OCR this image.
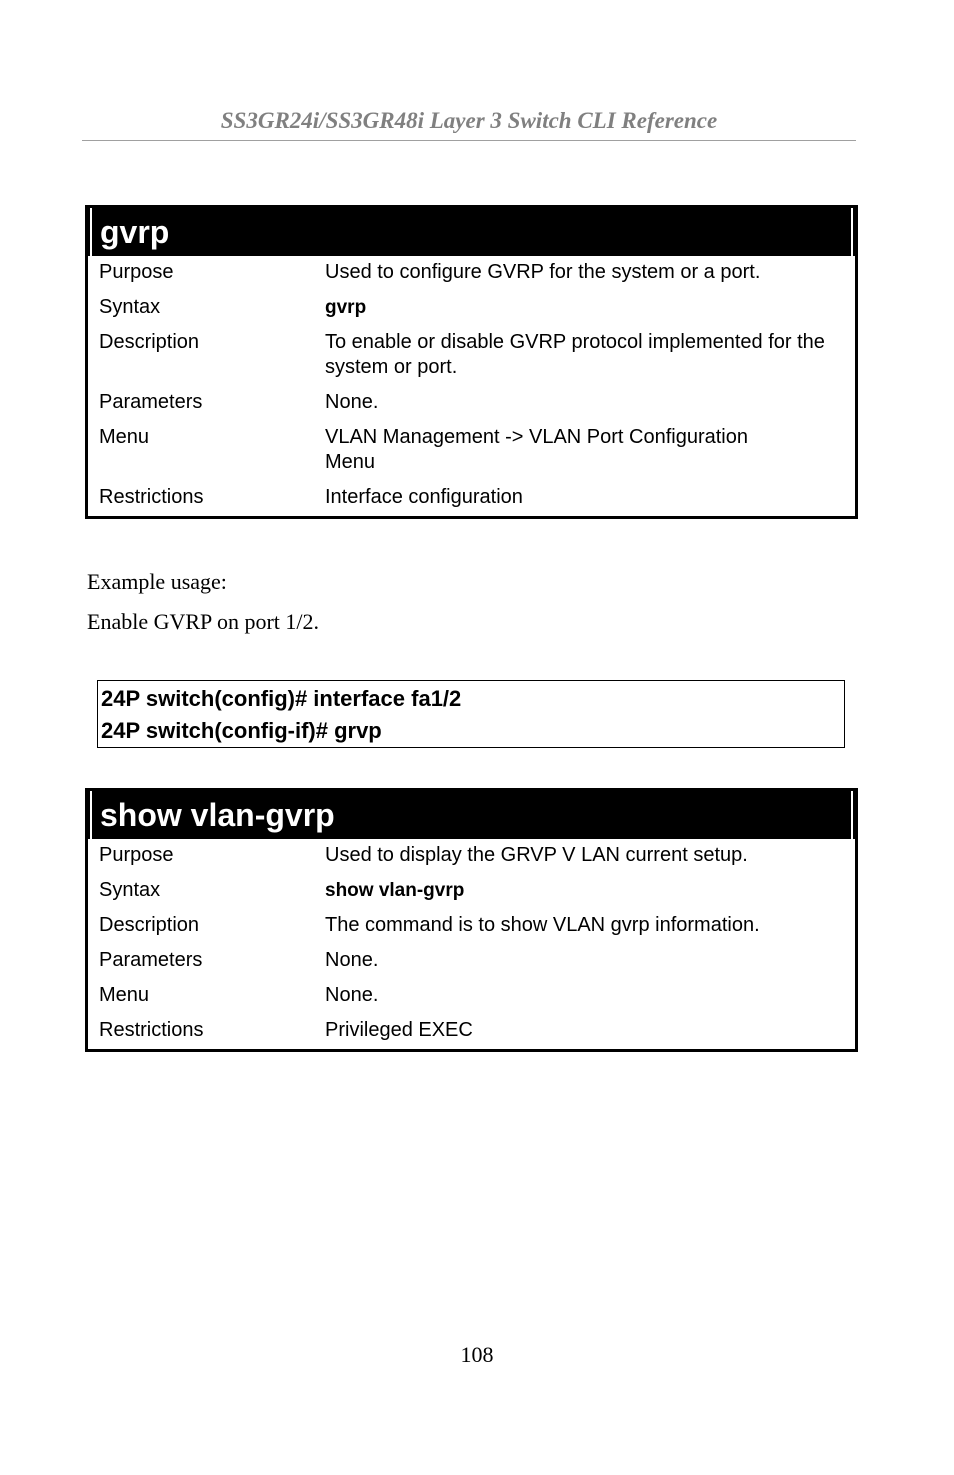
SS3GR24i/SS3GR48i Layer 3 Switch CLI Reference
gvrp
Purpose	Used to configure GVRP for the system or a port.
Syntax	gvrp
Description	To enable or disable GVRP protocol implemented for the system or port.
Parameters	None.
Menu	VLAN Management -> VLAN Port Configuration Menu
Restrictions	Interface configuration
Example usage:
Enable GVRP on port 1/2.
24P switch(config)# interface fa1/2
24P switch(config-if)# grvp
show vlan-gvrp
Purpose	Used to display the GRVP V LAN current setup.
Syntax	show vlan-gvrp
Description	The command is to show VLAN gvrp information.
Parameters	None.
Menu	None.
Restrictions	Privileged EXEC
108
